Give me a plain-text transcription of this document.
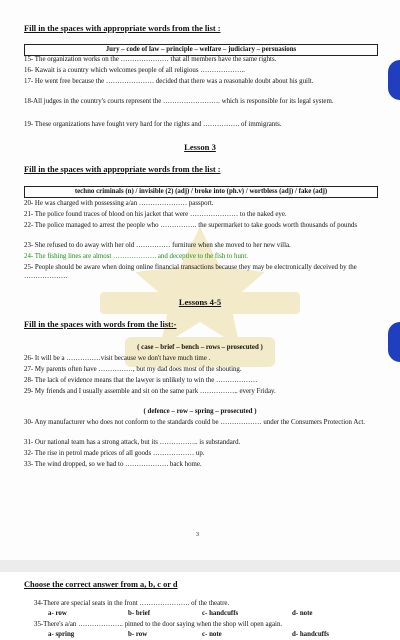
Fill in the spaces with appropriate words from the list :
Jury – code of law – principle – welfare – judiciary – persuasions
15- The organization works on the ………………… that all members have the same rights.
16- Kawait is a country which welcomes people of all religious ………………..
17- He went free because the ………………… decided that there was a reasonable doubt about his guilt.
18-All judges in the country's courts represent the ……………………. which is responsible for its legal system.
19- These organizations have fought very hard for the rights and ……………. of immigrants.
Lesson 3
Fill in the spaces with appropriate words from the list :
techno criminals (n) / invisible (2) (adj) / broke into (ph.v) / wortbless (adj) / fake (adj)
20- He was charged with possessing a/an ………………… passport.
21- The police found traces of blood on his jacket that were ………………… to the naked eye.
22- The police managed to arrest the people who ……………. the supermarket to take goods worth thousands of pounds
23- She refused to do away with her old …………… furniture when she moved to her new villa.
24- The fishing lines are almost ………………. and deceptive to the fish to hunt.
25- People should be aware when doing online financial transactions because they may be electronically deceived by the ……………….
Lessons 4-5
Fill in the spaces with words from the list:-
( case – brief – bench – rows – prosecuted )
26- It will be a ……………visit because we don't have much time .
27- My parents often have ……………, but my dad does most of the shouting.
28- The lack of evidence means that the lawyer is unlikely to win the ………………
29- My friends and I usually assemble and sit on the same park …………….. every Friday.
( defence – row – spring – prosecuted )
30- Any manufacturer who does not conform to the standards could be ……………… under the Consumers Protection Act.
31- Our national team has a strong attack, but its …………….. is substandard.
32- The rise in petrol made prices of all goods ……………… up.
33- The wind dropped, so we had to ………………. back home.
3
Choose the correct answer from a, b, c or d
34-There are special seats in the front …………………. of the theatre.
a- row	b- brief	c- handcuffs	d- note
35-There's a/an ……………….. pinned to the door saying when the shop will open again.
a- spring	b- row	c- note	d- handcuffs
